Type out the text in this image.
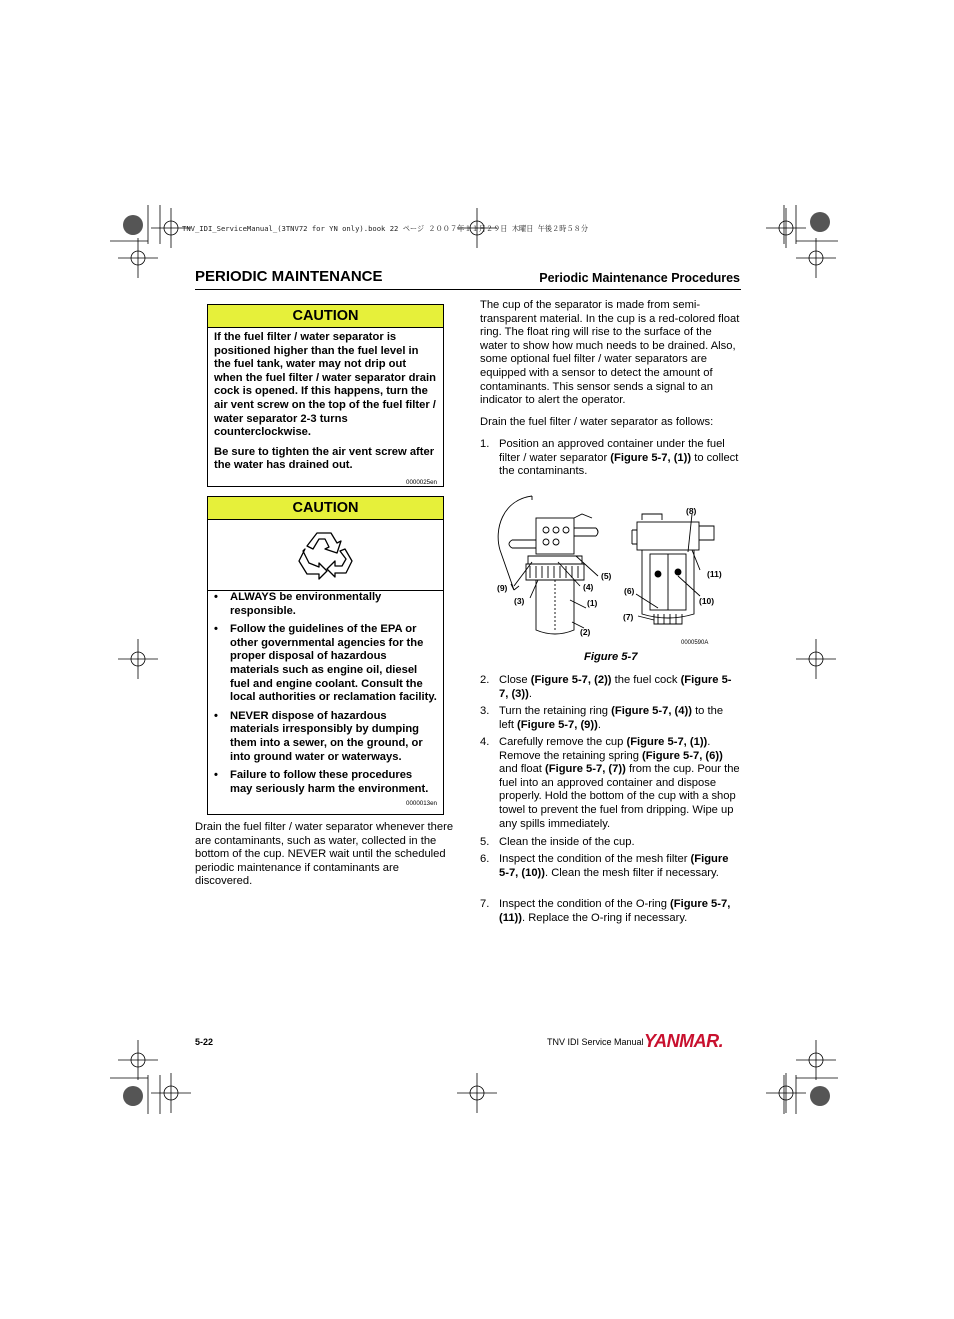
TNV_IDI_ServiceManual_(3TNV72 for YN only).book 22 ページ ２００７年１１月２９日 木曜日 午後２時５８分
PERIODIC MAINTENANCE	Periodic Maintenance Procedures
CAUTION

If the fuel filter / water separator is positioned higher than the fuel level in the fuel tank, water may not drip out when the fuel filter / water separator drain cock is opened. If this happens, turn the air vent screw on the top of the fuel filter / water separator 2-3 turns counterclockwise.

Be sure to tighten the air vent screw after the water has drained out.

0000025en
CAUTION
•	ALWAYS be environmentally responsible.
•	Follow the guidelines of the EPA or other governmental agencies for the proper disposal of hazardous materials such as engine oil, diesel fuel and engine coolant. Consult the local authorities or reclamation facility.
•	NEVER dispose of hazardous materials irresponsibly by dumping them into a sewer, on the ground, or into ground water or waterways.
•	Failure to follow these procedures may seriously harm the environment.
0000013en
Drain the fuel filter / water separator whenever there are contaminants, such as water, collected in the bottom of the cup. NEVER wait until the scheduled periodic maintenance if contaminants are discovered.
The cup of the separator is made from semi-transparent material. In the cup is a red-colored float ring. The float ring will rise to the surface of the water to show how much needs to be drained. Also, some optional fuel filter / water separators are equipped with a sensor to detect the amount of contaminants. This sensor sends a signal to an indicator to alert the operator.
Drain the fuel filter / water separator as follows:
1. Position an approved container under the fuel filter / water separator (Figure 5-7, (1)) to collect the contaminants.
(1)
(2)
(3)
(4)
(5)
(6)
(7)
(8)
(9)
(10)
(11)
0000590A
Figure 5-7
2. Close (Figure 5-7, (2)) the fuel cock (Figure 5-7, (3)).
3. Turn the retaining ring (Figure 5-7, (4)) to the left (Figure 5-7, (9)).
4. Carefully remove the cup (Figure 5-7, (1)). Remove the retaining spring (Figure 5-7, (6)) and float (Figure 5-7, (7)) from the cup. Pour the fuel into an approved container and dispose properly. Hold the bottom of the cup with a shop towel to prevent the fuel from dripping. Wipe up any spills immediately.
5. Clean the inside of the cup.
6. Inspect the condition of the mesh filter (Figure 5-7, (10)). Clean the mesh filter if necessary.
7. Inspect the condition of the O-ring (Figure 5-7, (11)). Replace the O-ring if necessary.
5-22	TNV IDI Service Manual YANMAR.
